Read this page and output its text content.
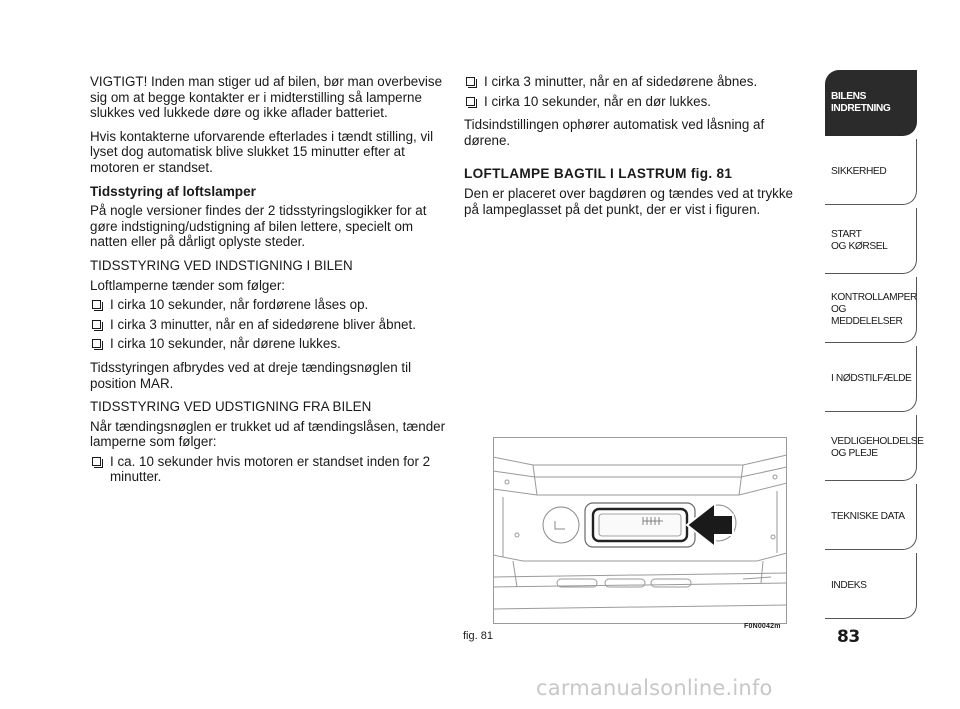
VIGTIGT! Inden man stiger ud af bilen, bør man overbevise sig om at begge kontakter er i midterstilling så lamperne slukkes ved lukkede døre og ikke aflader batteriet.

Hvis kontakterne uforvarende efterlades i tændt stilling, vil lyset dog automatisk blive slukket 15 minutter efter at motoren er standset.

Tidsstyring af loftslamper

På nogle versioner findes der 2 tidsstyringslogikker for at gøre indstigning/udstigning af bilen lettere, specielt om natten eller på dårligt oplyste steder.

TIDSSTYRING VED INDSTIGNING I BILEN

Loftlamperne tænder som følger:

I cirka 10 sekunder, når fordørene låses op.
I cirka 3 minutter, når en af sidedørene bliver åbnet.
I cirka 10 sekunder, når dørene lukkes.

Tidsstyringen afbrydes ved at dreje tændingsnøglen til position MAR.

TIDSSTYRING VED UDSTIGNING FRA BILEN

Når tændingsnøglen er trukket ud af tændingslåsen, tænder lamperne som følger:

I ca. 10 sekunder hvis motoren er standset inden for 2 minutter.
I cirka 3 minutter, når en af sidedørene åbnes.
I cirka 10 sekunder, når en dør lukkes.

Tidsindstillingen ophører automatisk ved låsning af dørene.

LOFTLAMPE BAGTIL I LASTRUM fig. 81

Den er placeret over bagdøren og tændes ved at trykke på lampeglasset på det punkt, der er vist i figuren.

fig. 81
F0N0042m
BILENS
INDRETNING
SIKKERHED
START
OG KØRSEL
KONTROLLAMPER
OG MEDDELELSER
I NØDSTILFÆLDE
VEDLIGEHOLDELSE
OG PLEJE
TEKNISKE DATA
INDEKS
83
carmanualsonline.info
